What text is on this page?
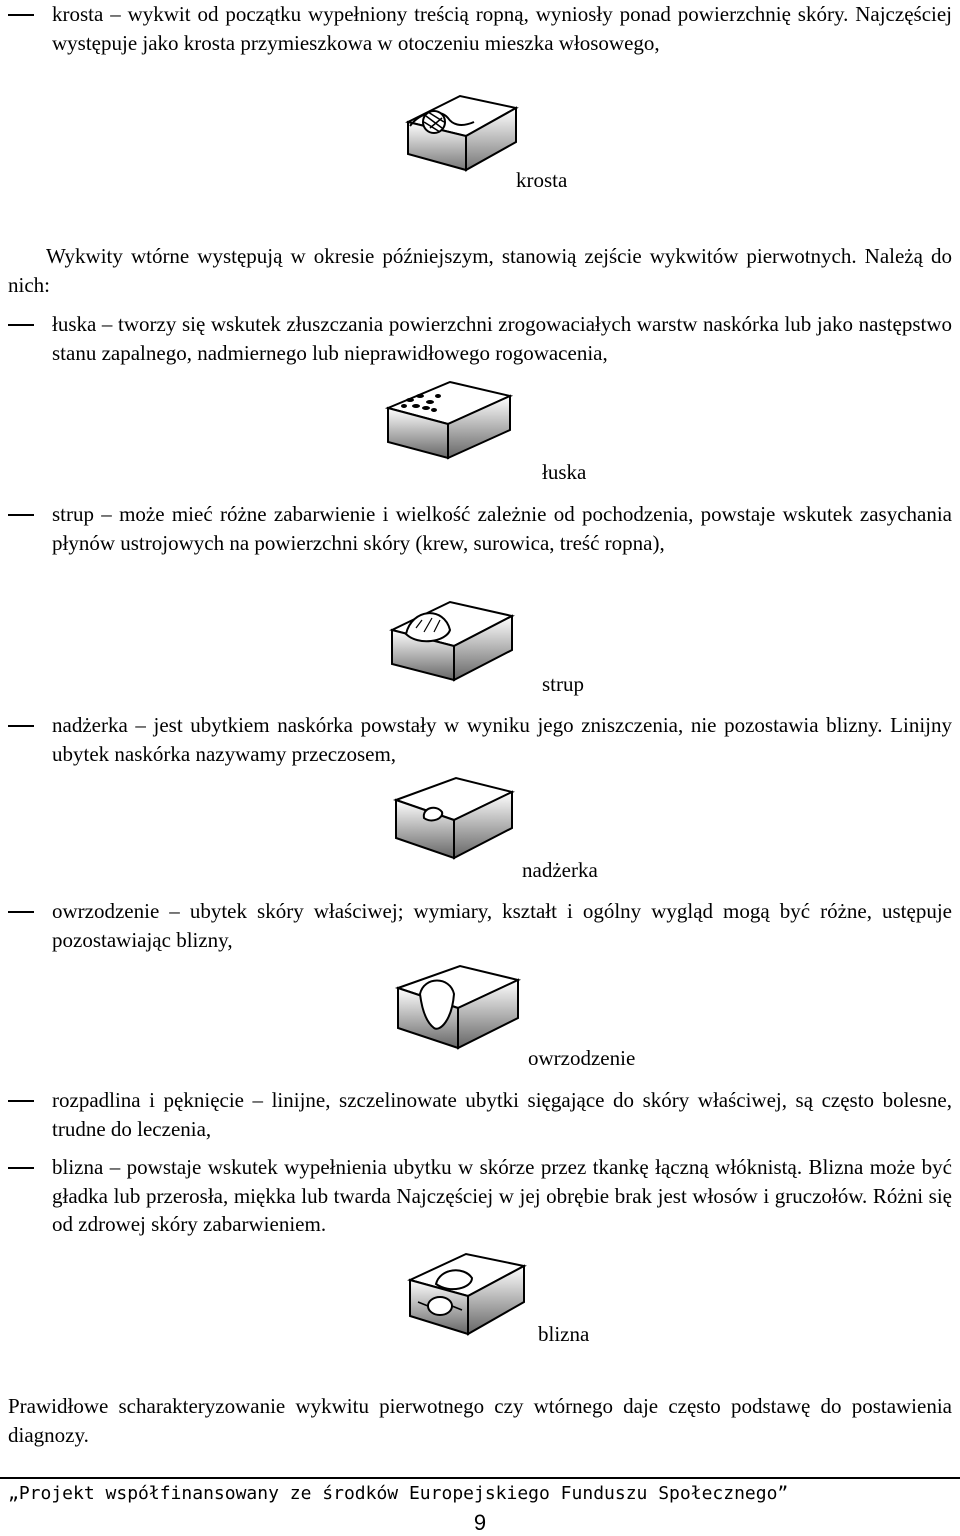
krosta – wykwit od początku wypełniony treścią ropną, wyniosły ponad powierzchnię skóry. Najczęściej występuje jako krosta przymieszkowa w otoczeniu mieszka włosowego,
krosta
Wykwity wtórne występują w okresie późniejszym, stanowią zejście wykwitów pierwotnych. Należą do nich:
łuska – tworzy się wskutek złuszczania powierzchni zrogowaciałych warstw naskórka lub jako następstwo stanu zapalnego, nadmiernego lub nieprawidłowego rogowacenia,
łuska
strup – może mieć różne zabarwienie i wielkość zależnie od pochodzenia, powstaje wskutek zasychania płynów ustrojowych na powierzchni skóry (krew, surowica, treść ropna),
strup
nadżerka – jest ubytkiem naskórka powstały w wyniku jego zniszczenia, nie pozostawia blizny. Linijny ubytek naskórka nazywamy przeczosem,
nadżerka
owrzodzenie – ubytek skóry właściwej; wymiary, kształt i ogólny wygląd mogą być różne, ustępuje pozostawiając blizny,
owrzodzenie
rozpadlina i pęknięcie – linijne, szczelinowate ubytki sięgające do skóry właściwej, są często bolesne, trudne do leczenia,
blizna – powstaje wskutek wypełnienia ubytku w skórze przez tkankę łączną włóknistą. Blizna może być gładka lub przerosła, miękka lub twarda Najczęściej w jej obrębie brak jest włosów i gruczołów. Różni się od zdrowej skóry zabarwieniem.
blizna
Prawidłowe scharakteryzowanie wykwitu pierwotnego czy wtórnego daje często podstawę do postawienia diagnozy.
„Projekt współfinansowany ze środków Europejskiego Funduszu Społecznego”
9
